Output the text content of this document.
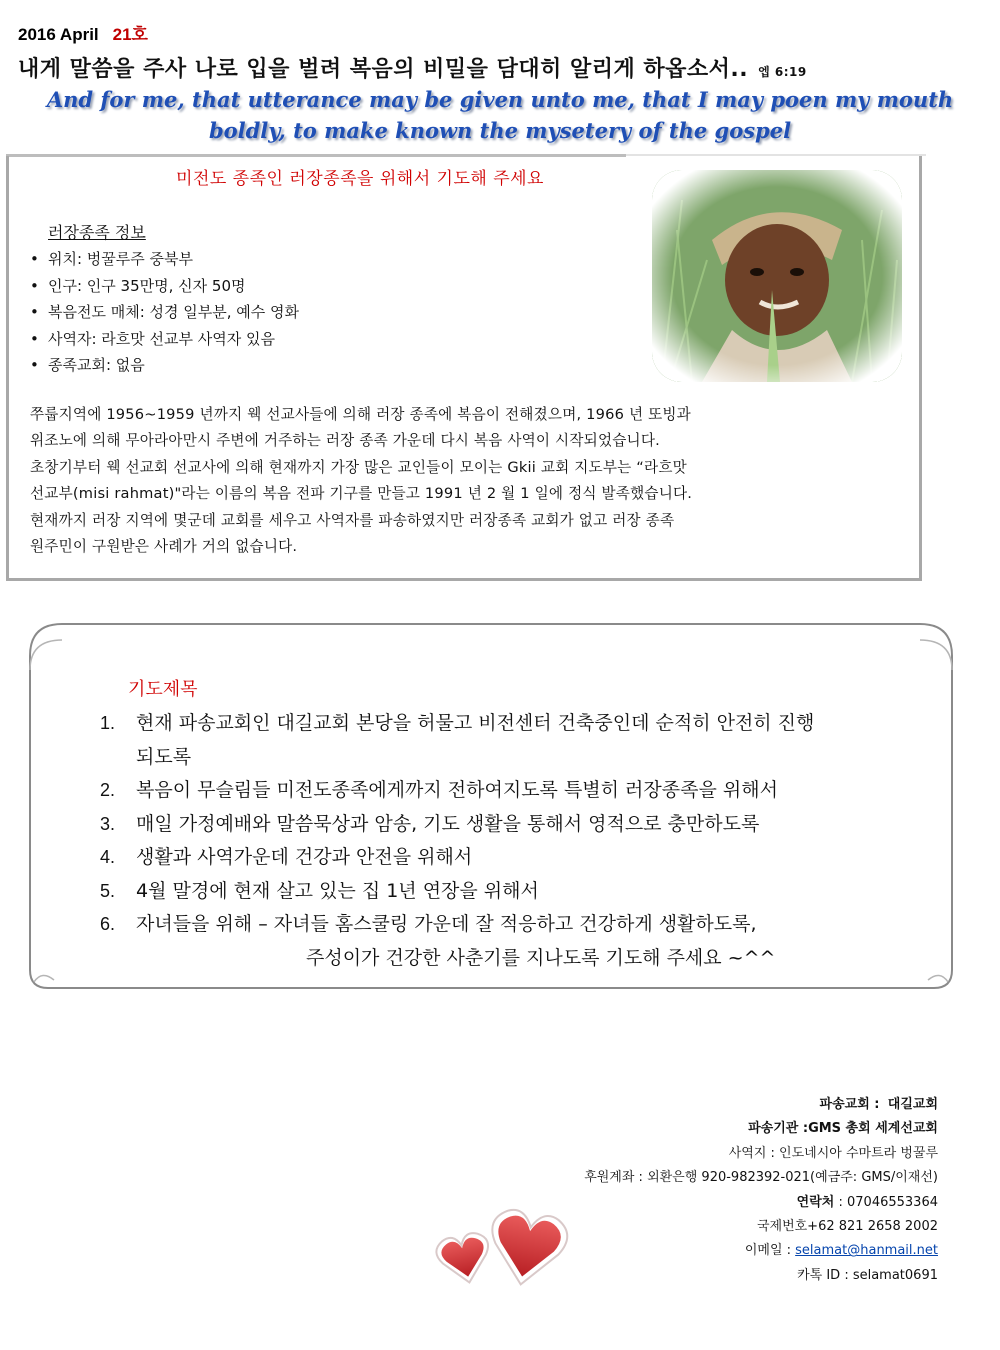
2016 April 21호
내게 말씀을 주사 나로 입을 벌려 복음의 비밀을 담대히 알리게 하옵소서.. 엡 6:19
And for me, that utterance may be given unto me, that I may poen my mouth boldly, to make known the mysetery of the gospel
미전도 종족인 러장종족을 위해서 기도해 주세요
러장종족 정보
• 위치: 벙꿀루주 중북부
• 인구: 인구 35만명, 신자 50명
• 복음전도 매체: 성경 일부분, 예수 영화
• 사역자: 라흐맛 선교부 사역자 있음
• 종족교회: 없음

쭈룹지역에 1956~1959 년까지 웩 선교사들에 의해 러장 종족에 복음이 전해졌으며, 1966 년 또빙과

위조노에 의해 무아라아만시 주변에 거주하는 러장 종족 가운데 다시 복음 사역이 시작되었습니다.

초창기부터 웩 선교회 선교사에 의해 현재까지 가장 많은 교인들이 모이는 Gkii 교회 지도부는 “라흐맛

선교부(misi rahmat)"라는 이름의 복음 전파 기구를 만들고 1991 년 2 월 1 일에 정식 발족했습니다.

현재까지 러장 지역에 몇군데 교회를 세우고 사역자를 파송하였지만 러장종족 교회가 없고 러장 종족

원주민이 구원받은 사례가 거의 없습니다.

기도제목
1.	현재 파송교회인 대길교회 본당을 허물고 비전센터 건축중인데 순적히 안전히 진행
되도록
2.	복음이 무슬림들 미전도종족에게까지 전하여지도록 특별히 러장종족을 위해서
3.	매일 가정예배와 말씀묵상과 암송, 기도 생활을 통해서 영적으로 충만하도록
4.	생활과 사역가운데 건강과 안전을 위해서
5.	4월 말경에 현재 살고 있는 집 1년 연장을 위해서
6.	자녀들을 위해 – 자녀들 홈스쿨링 가운데 잘 적응하고 건강하게 생활하도록,
주성이가 건강한 사춘기를 지나도록 기도해 주세요 ~^^
파송교회 : 대길교회
파송기관 :GMS 총회 세계선교회
사역지 : 인도네시아 수마트라 벙꿀루
후원계좌 : 외환은행 920-982392-021(예금주: GMS/이재선)
연락처 : 07046553364
국제번호+62 821 2658 2002
이메일 : selamat@hanmail.net
카톡 ID : selamat0691
